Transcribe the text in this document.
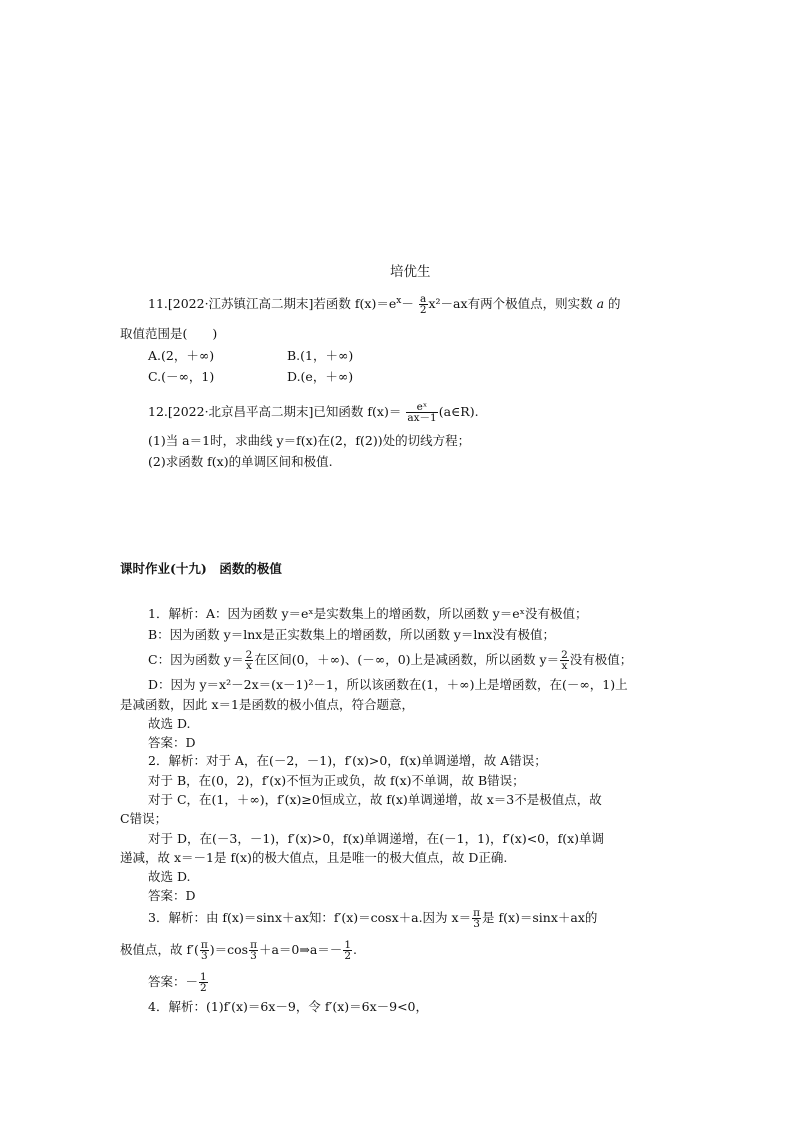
培优生
11.[2022·江苏镇江高二期末]若函数 $f(x)=e^x- \frac{a}{2} x^2-ax$有两个极值点，则实数 a 的
取值范围是(　　)
A.(2，＋∞)	B.(1，＋∞)
C.(－∞，1)	D.(e，＋∞)
12.[2022·北京昌平高二期末]已知函数 $f(x)= \frac{\text{eˣ}}{ax-1}$ (a∈R).
(1)当 a＝1时，求曲线 y＝f(x)在(2，f(2))处的切线方程；
(2)求函数 f(x)的单调区间和极值.
课时作业(十九)　函数的极值
1．解析：A：因为函数 y＝eˣ是实数集上的增函数，所以函数 y＝eˣ没有极值；
B：因为函数 y＝lnx是正实数集上的增函数，所以函数 y＝lnx没有极值；
C：因为函数 $y= \frac{2}{x}$ 在区间(0，＋∞)、(－∞，0)上是减函数，所以函数 $y= \frac{2}{x}$ 没有极值；
D：因为 y＝x²－2x＝(x－1)²－1，所以该函数在(1，＋∞)上是增函数，在(－∞，1)上
是减函数，因此 x＝1是函数的极小值点，符合题意，
故选 D.
答案：D
2．解析：对于 A，在(－2，－1)，f′(x)>0，f(x)单调递增，故 A错误；
对于 B，在(0，2)，f′(x)不恒为正或负，故 f(x)不单调，故 B错误；
对于 C，在(1，＋∞)，f′(x)≥0恒成立，故 f(x)单调递增，故 x＝3不是极值点，故
C错误；
对于 D，在(－3，－1)，f′(x)>0，f(x)单调递增，在(－1，1)，f′(x)<0，f(x)单调
递减，故 x＝－1是 f(x)的极大值点，且是唯一的极大值点，故 D正确.
故选 D.
答案：D
3．解析：由 f(x)＝sinx＋ax知：f′(x)＝cosx＋a.因为 $x= \frac{\pi}{3}$ 是 f(x)＝sinx＋ax的
极值点，故 $f'( \frac{\pi}{3} )=\cos \frac{\pi}{3}$ ＋a＝0⇒a＝－ $\frac{1}{2}$ .
答案：－ $\frac{1}{2}$
4．解析：(1)f′(x)＝6x－9，令 f′(x)＝6x－9<0，
